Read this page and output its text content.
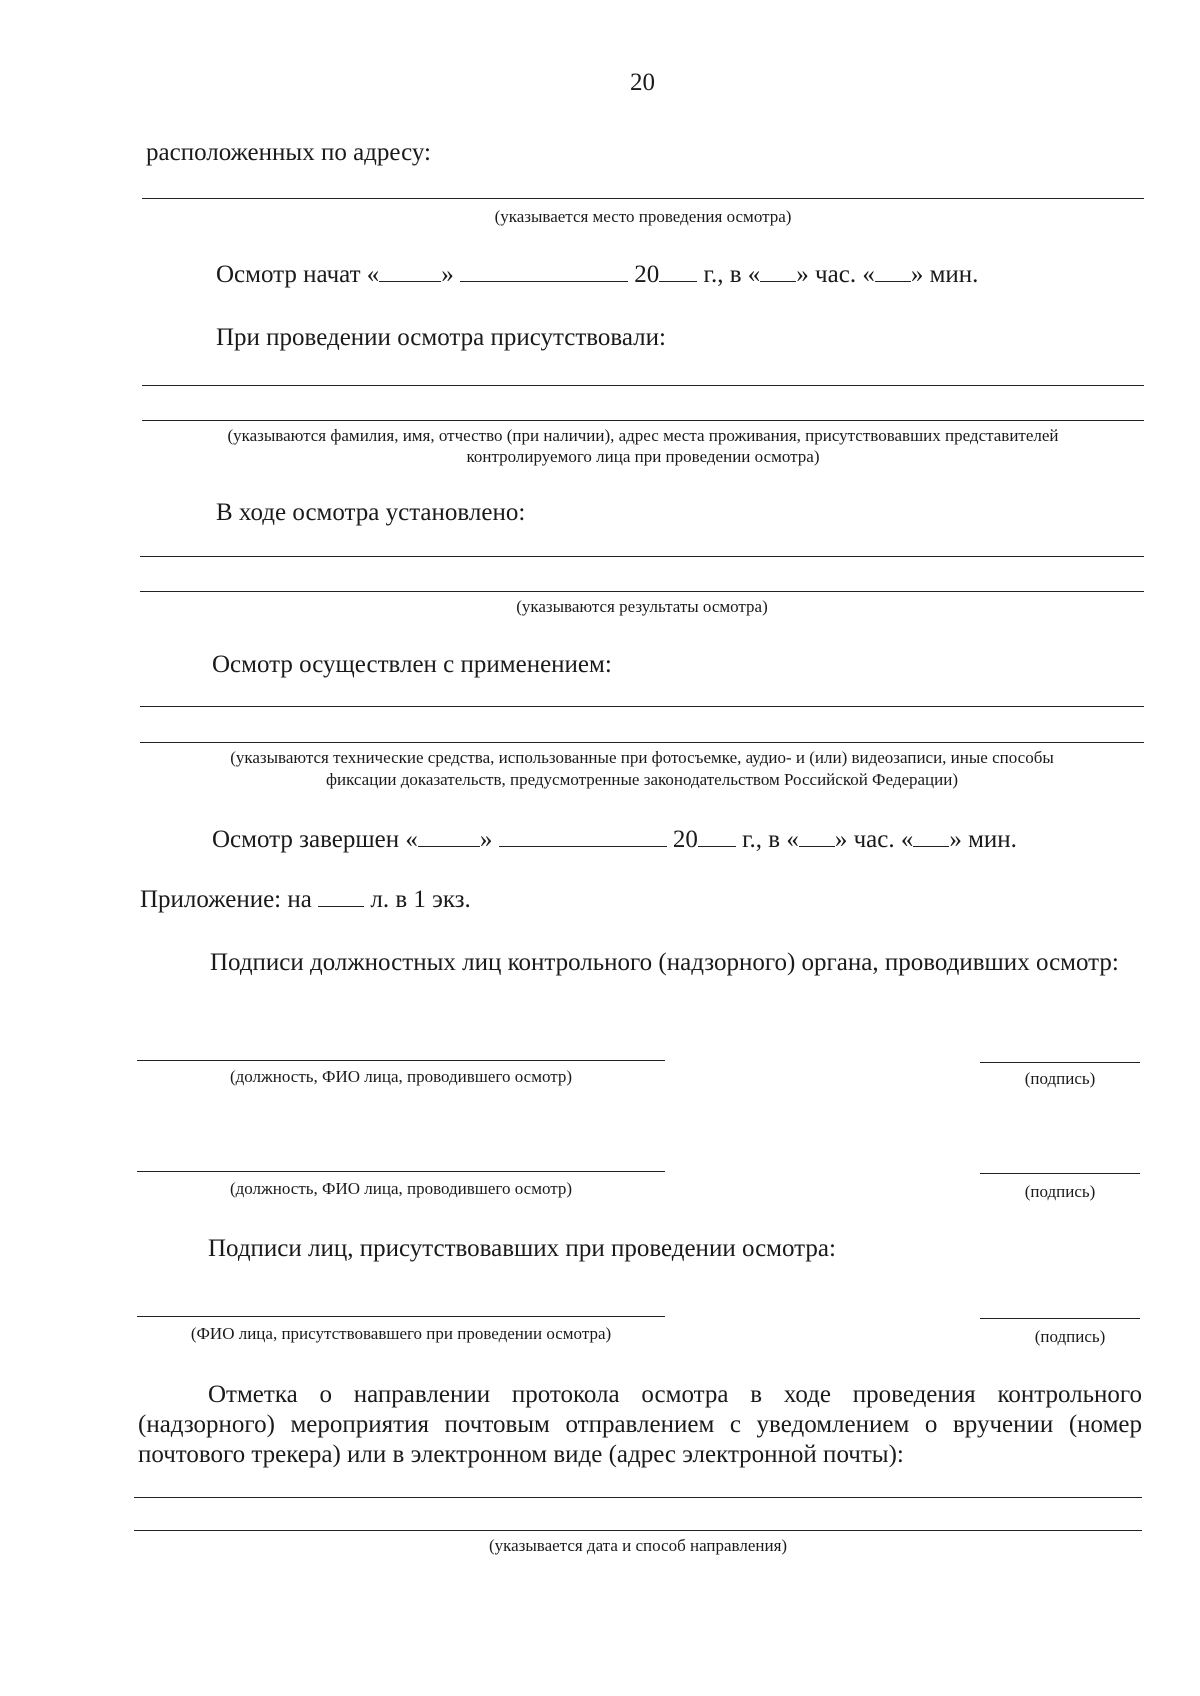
20
расположенных по адресу:
(указывается место проведения осмотра)
Осмотр начат « »	20 г., в « » час. « » мин.
При проведении осмотра присутствовали:
(указываются фамилия, имя, отчество (при наличии), адрес места проживания, присутствовавших представителей
контролируемого лица при проведении осмотра)
В ходе осмотра установлено:
(указываются результаты осмотра)
Осмотр осуществлен с применением:
(указываются технические средства, использованные при фотосъемке, аудио- и (или) видеозаписи, иные способы
фиксации доказательств, предусмотренные законодательством Российской Федерации)
Осмотр завершен « »	20 г., в « » час. « » мин.
Приложение: на л. в 1 экз.
Подписи должностных лиц контрольного (надзорного) органа, проводивших осмотр:
(должность, ФИО лица, проводившего осмотр)	(подпись)
(должность, ФИО лица, проводившего осмотр)	(подпись)
Подписи лиц, присутствовавших при проведении осмотра:
(ФИО лица, присутствовавшего при проведении осмотра)	(подпись)
Отметка о направлении протокола осмотра в ходе проведения контрольного (надзорного) мероприятия почтовым отправлением с уведомлением о вручении (номер почтового трекера) или в электронном виде (адрес электронной почты):
(указывается дата и способ направления)
